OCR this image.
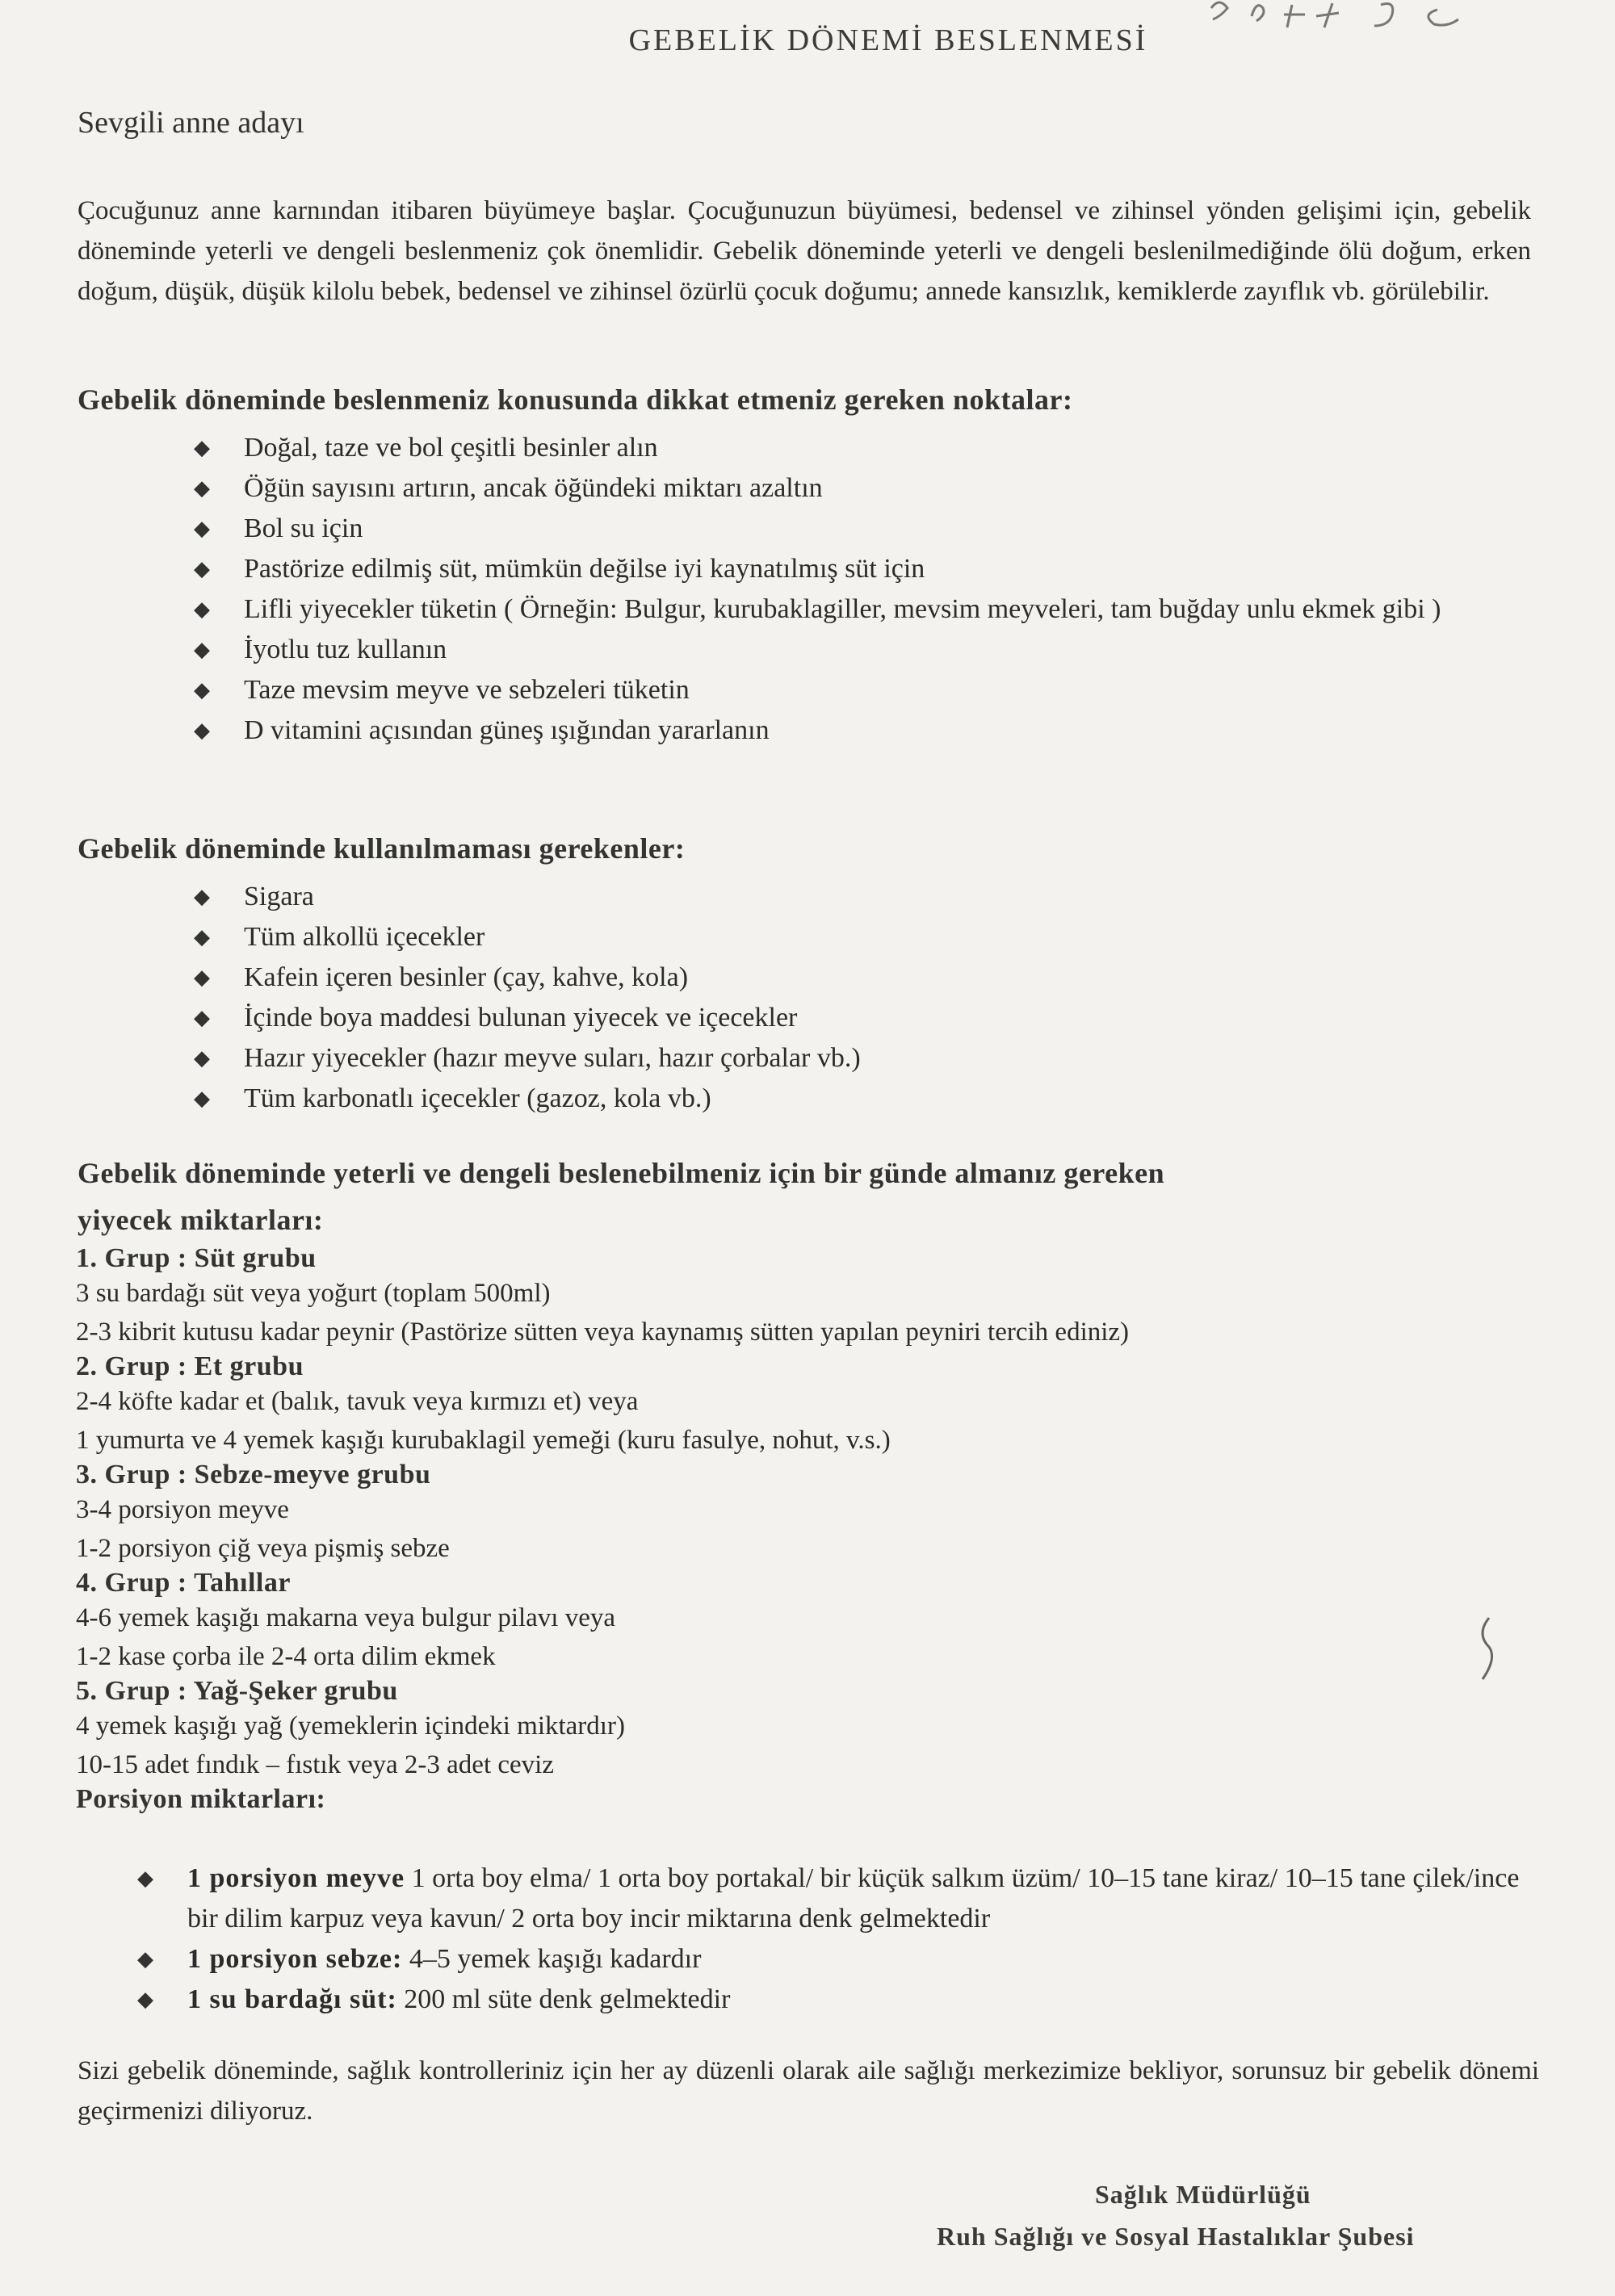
GEBELİK DÖNEMİ BESLENMESİ
Sevgili anne adayı
Çocuğunuz anne karnından itibaren büyümeye başlar. Çocuğunuzun büyümesi, bedensel ve zihinsel yönden gelişimi için, gebelik döneminde yeterli ve dengeli beslenmeniz çok önemlidir. Gebelik döneminde yeterli ve dengeli beslenilmediğinde ölü doğum, erken doğum, düşük, düşük kilolu bebek, bedensel ve zihinsel özürlü çocuk doğumu; annede kansızlık, kemiklerde zayıflık vb. görülebilir.
Gebelik döneminde beslenmeniz konusunda dikkat etmeniz gereken noktalar:
◆ Doğal, taze ve bol çeşitli besinler alın
◆ Öğün sayısını artırın, ancak öğündeki miktarı azaltın
◆ Bol su için
◆ Pastörize edilmiş süt, mümkün değilse iyi kaynatılmış süt için
◆ Lifli yiyecekler tüketin ( Örneğin: Bulgur, kurubaklagiller, mevsim meyveleri, tam buğday unlu ekmek gibi )
◆ İyotlu tuz kullanın
◆ Taze mevsim meyve ve sebzeleri tüketin
◆ D vitamini açısından güneş ışığından yararlanın
Gebelik döneminde kullanılmaması gerekenler:
◆ Sigara
◆ Tüm alkollü içecekler
◆ Kafein içeren besinler (çay, kahve, kola)
◆ İçinde boya maddesi bulunan yiyecek ve içecekler
◆ Hazır yiyecekler (hazır meyve suları, hazır çorbalar vb.)
◆ Tüm karbonatlı içecekler (gazoz, kola vb.)
Gebelik döneminde yeterli ve dengeli beslenebilmeniz için bir günde almanız gereken
yiyecek miktarları:
1. Grup : Süt grubu
3 su bardağı süt veya yoğurt (toplam 500ml)
2-3 kibrit kutusu kadar peynir (Pastörize sütten veya kaynamış sütten yapılan peyniri tercih ediniz)
2. Grup : Et grubu
2-4 köfte kadar et (balık, tavuk veya kırmızı et) veya
1 yumurta ve 4 yemek kaşığı kurubaklagil yemeği (kuru fasulye, nohut, v.s.)
3. Grup : Sebze-meyve grubu
3-4 porsiyon meyve
1-2 porsiyon çiğ veya pişmiş sebze
4. Grup : Tahıllar
4-6 yemek kaşığı makarna veya bulgur pilavı veya
1-2 kase çorba ile 2-4 orta dilim ekmek
5. Grup : Yağ-Şeker grubu
4 yemek kaşığı yağ (yemeklerin içindeki miktardır)
10-15 adet fındık – fıstık veya 2-3 adet ceviz
Porsiyon miktarları:
◆ 1 porsiyon meyve 1 orta boy elma/ 1 orta boy portakal/ bir küçük salkım üzüm/ 10–15 tane kiraz/ 10–15 tane çilek/ince bir dilim karpuz veya kavun/ 2 orta boy incir miktarına denk gelmektedir
◆ 1 porsiyon sebze: 4–5 yemek kaşığı kadardır
◆ 1 su bardağı süt: 200 ml süte denk gelmektedir
Sizi gebelik döneminde, sağlık kontrolleriniz için her ay düzenli olarak aile sağlığı merkezimize bekliyor, sorunsuz bir gebelik dönemi geçirmenizi diliyoruz.
Sağlık Müdürlüğü
Ruh Sağlığı ve Sosyal Hastalıklar Şubesi
